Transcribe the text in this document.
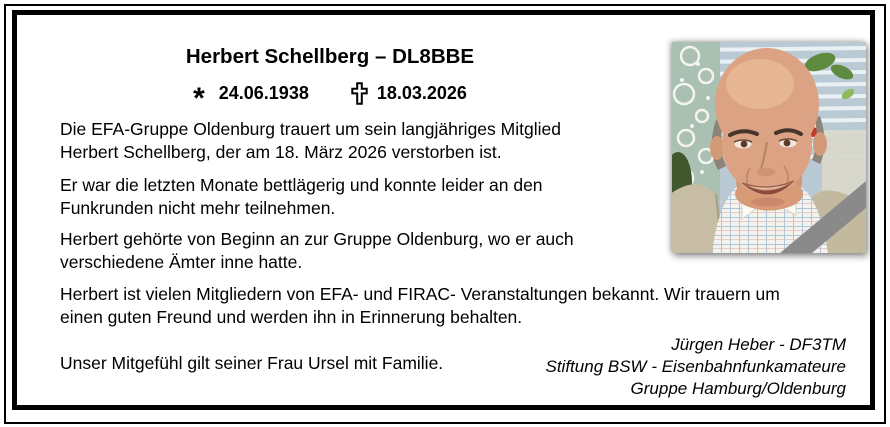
Herbert Schellberg – DL8BBE
* 24.06.1938	18.03.2026
Die EFA-Gruppe Oldenburg trauert um sein langjähriges Mitglied
Herbert Schellberg, der am 18. März 2026 verstorben ist.
Er war die letzten Monate bettlägerig und konnte leider an den
Funkrunden nicht mehr teilnehmen.
Herbert gehörte von Beginn an zur Gruppe Oldenburg, wo er auch
verschiedene Ämter inne hatte.
Herbert ist vielen Mitgliedern von EFA- und FIRAC- Veranstaltungen bekannt. Wir trauern um
einen guten Freund und werden ihn in Erinnerung behalten.
Unser Mitgefühl gilt seiner Frau Ursel mit Familie.
Jürgen Heber - DF3TM
Stiftung BSW - Eisenbahnfunkamateure
Gruppe Hamburg/Oldenburg
